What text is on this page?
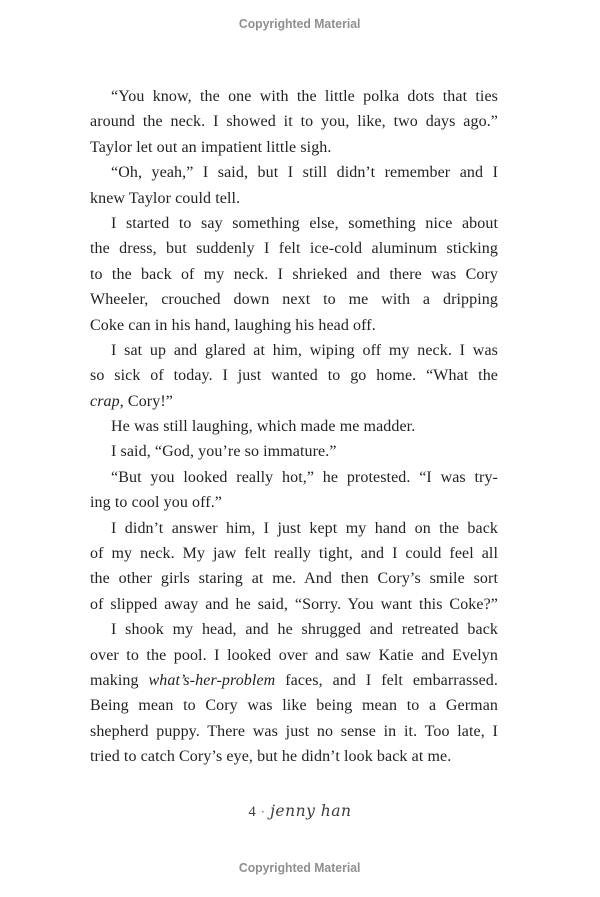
Copyrighted Material
“You know, the one with the little polka dots that ties
around the neck. I showed it to you, like, two days ago.”
Taylor let out an impatient little sigh.
“Oh, yeah,” I said, but I still didn’t remember and I
knew Taylor could tell.
I started to say something else, something nice about
the dress, but suddenly I felt ice-cold aluminum sticking
to the back of my neck. I shrieked and there was Cory
Wheeler, crouched down next to me with a dripping
Coke can in his hand, laughing his head off.
I sat up and glared at him, wiping off my neck. I was
so sick of today. I just wanted to go home. “What the
crap, Cory!”
He was still laughing, which made me madder.
I said, “God, you’re so immature.”
“But you looked really hot,” he protested. “I was try-
ing to cool you off.”
I didn’t answer him, I just kept my hand on the back
of my neck. My jaw felt really tight, and I could feel all
the other girls staring at me. And then Cory’s smile sort
of slipped away and he said, “Sorry. You want this Coke?”
I shook my head, and he shrugged and retreated back
over to the pool. I looked over and saw Katie and Evelyn
making what’s-her-problem faces, and I felt embarrassed.
Being mean to Cory was like being mean to a German
shepherd puppy. There was just no sense in it. Too late, I
tried to catch Cory’s eye, but he didn’t look back at me.
4 · jenny han
Copyrighted Material
